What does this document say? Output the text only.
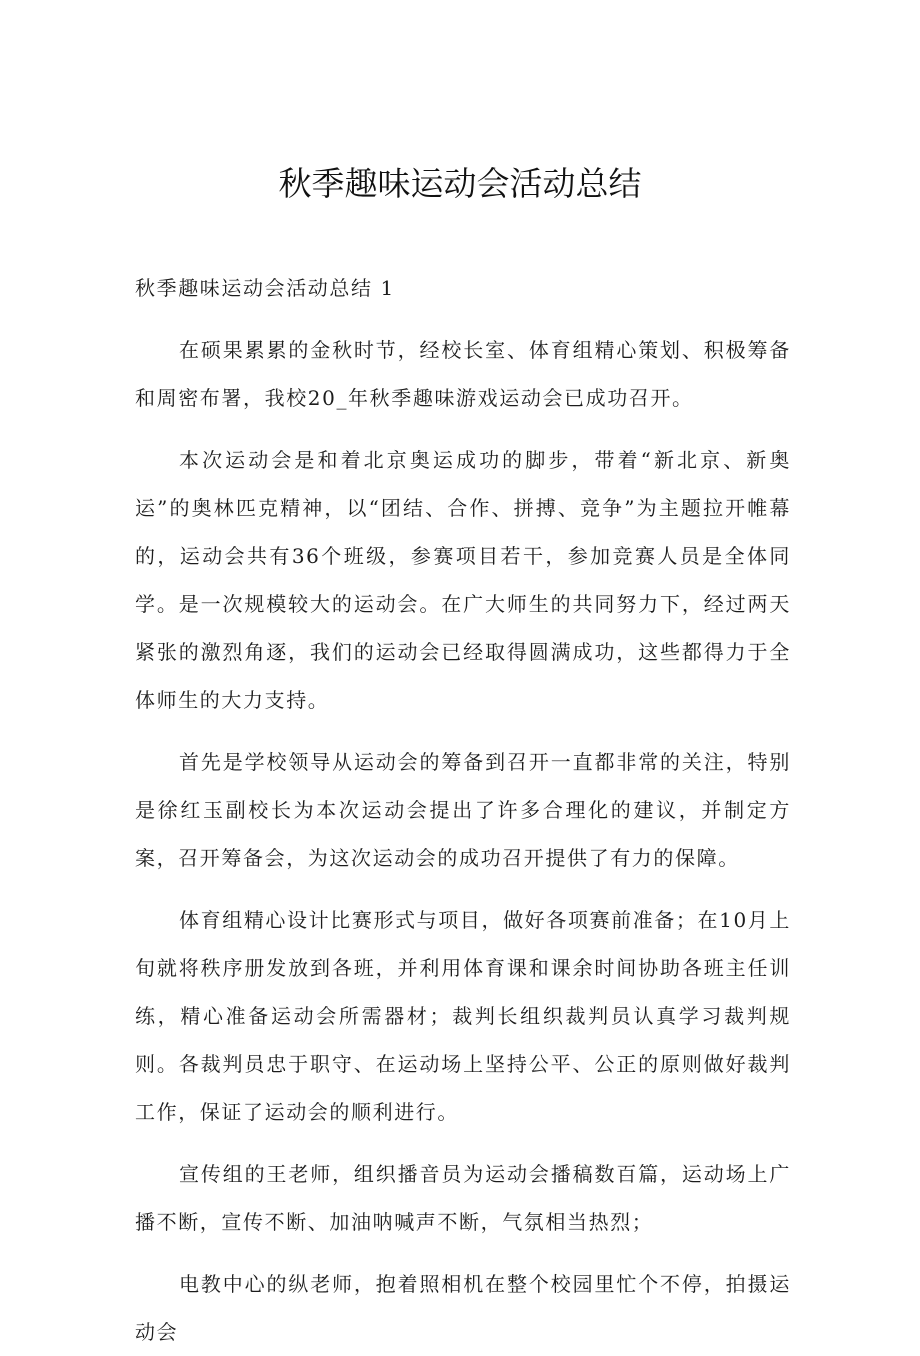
秋季趣味运动会活动总结

秋季趣味运动会活动总结 1

在硕果累累的金秋时节，经校长室、体育组精心策划、积极筹备和周密布署，我校20_年秋季趣味游戏运动会已成功召开。

本次运动会是和着北京奥运成功的脚步，带着“新北京、新奥运”的奥林匹克精神，以“团结、合作、拼搏、竞争”为主题拉开帷幕的，运动会共有36个班级，参赛项目若干，参加竞赛人员是全体同学。是一次规模较大的运动会。在广大师生的共同努力下，经过两天紧张的激烈角逐，我们的运动会已经取得圆满成功，这些都得力于全体师生的大力支持。

首先是学校领导从运动会的筹备到召开一直都非常的关注，特别是徐红玉副校长为本次运动会提出了许多合理化的建议，并制定方案，召开筹备会，为这次运动会的成功召开提供了有力的保障。

体育组精心设计比赛形式与项目，做好各项赛前准备；在10月上旬就将秩序册发放到各班，并利用体育课和课余时间协助各班主任训练，精心准备运动会所需器材；裁判长组织裁判员认真学习裁判规则。各裁判员忠于职守、在运动场上坚持公平、公正的原则做好裁判工作，保证了运动会的顺利进行。

宣传组的王老师，组织播音员为运动会播稿数百篇，运动场上广播不断，宣传不断、加油呐喊声不断，气氛相当热烈；

电教中心的纵老师，抱着照相机在整个校园里忙个不停，拍摄运动会
